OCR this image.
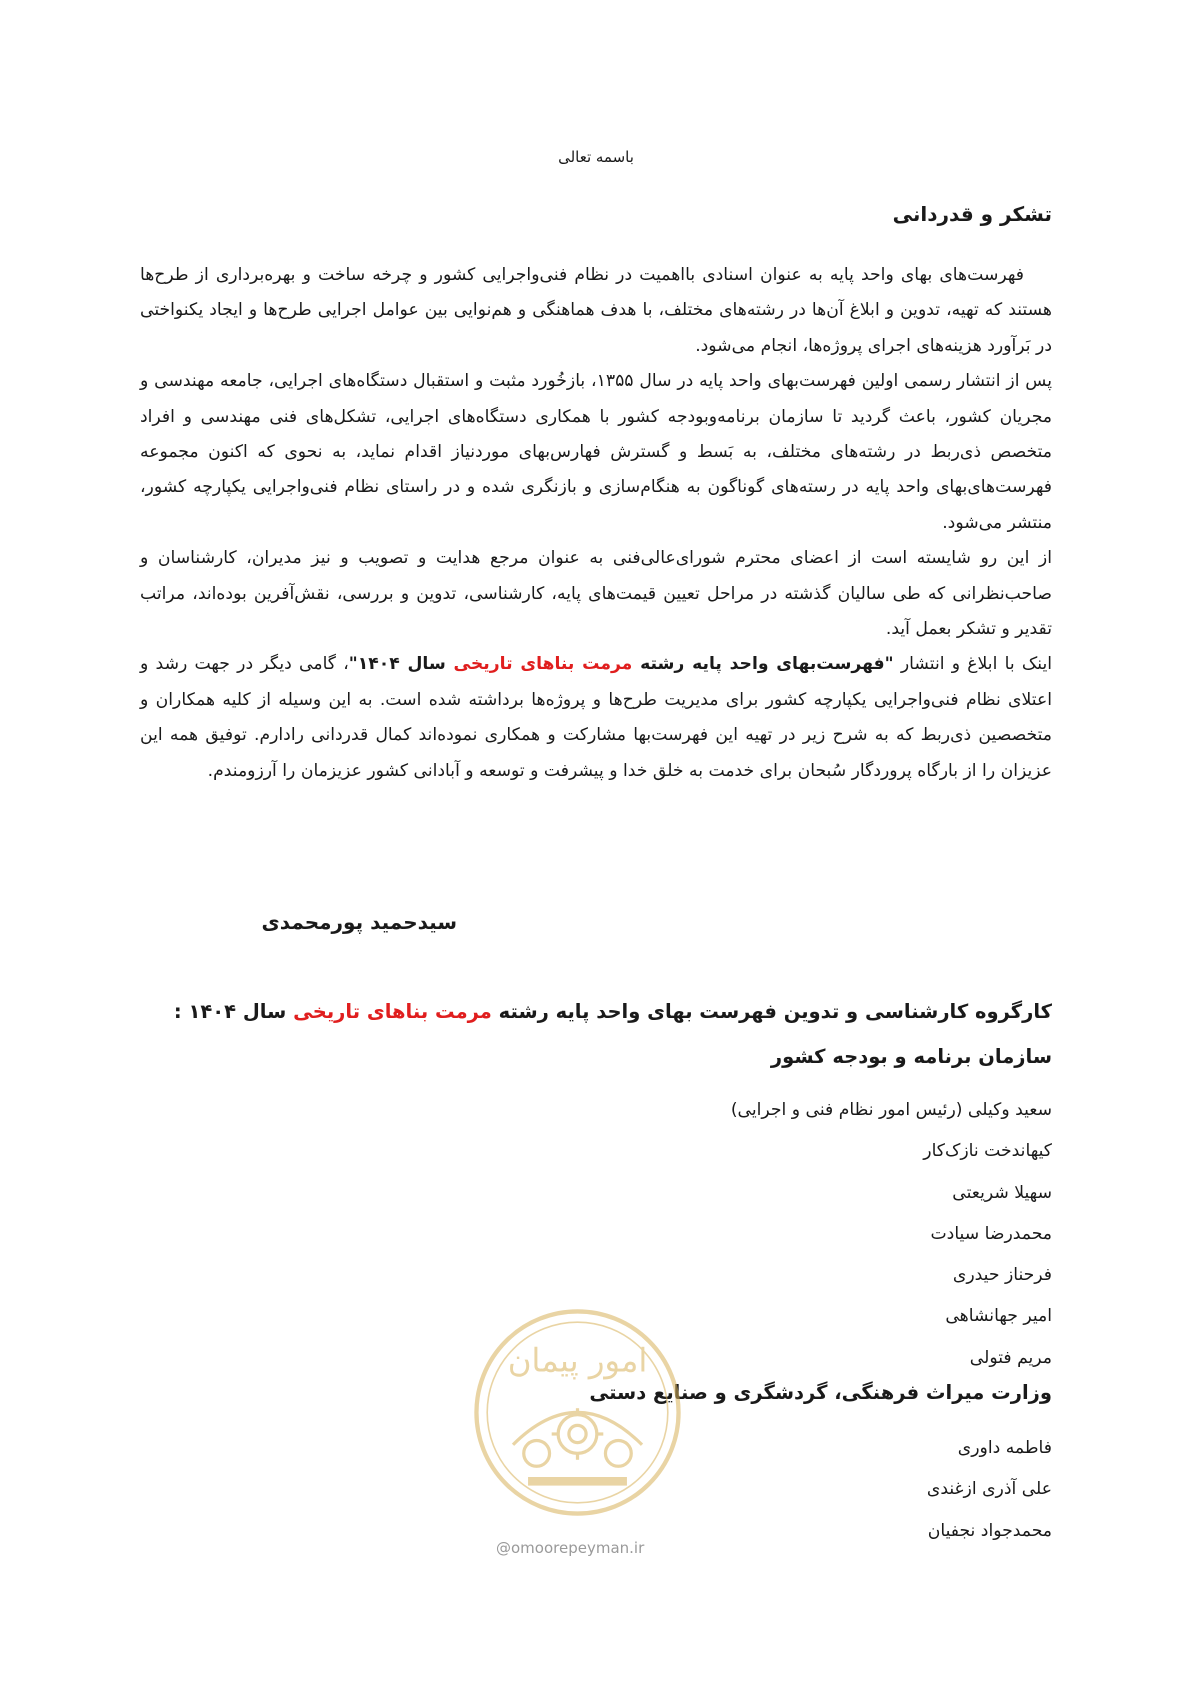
باسمه تعالی
تشکر و قدردانی

فهرست‌های بهای واحد پایه به عنوان اسنادی بااهمیت در نظام فنی‌واجرایی کشور و چرخه ساخت و بهره‌برداری از طرح‌ها هستند که تهیه، تدوین و ابلاغ آن‌ها در رشته‌های مختلف، با هدف هماهنگی و هم‌نوایی بین عوامل اجرایی طرح‌ها و ایجاد یکنواختی در بَرآورد هزینه‌های اجرای پروژه‌ها، انجام می‌شود.

پس از انتشار رسمی اولین فهرست‌بهای واحد پایه در سال ۱۳۵۵، بازخُورد مثبت و استقبال دستگاه‌های اجرایی، جامعه مهندسی و مجریان کشور، باعث گردید تا سازمان برنامه‌وبودجه کشور با همکاری دستگاه‌های اجرایی، تشکل‌های فنی مهندسی و افراد متخصص ذی‌ربط در رشته‌های مختلف، به بَسط و گسترش فهارس‌بهای موردنیاز اقدام نماید، به نحوی که اکنون مجموعه فهرست‌های‌بهای واحد پایه در رسته‌های گوناگون به هنگام‌سازی و بازنگری شده و در راستای نظام فنی‌واجرایی یکپارچه کشور، منتشر می‌شود.

از این رو شایسته است از اعضای محترم شورای‌عالی‌فنی به عنوان مرجع هدایت و تصویب و نیز مدیران، کارشناسان و صاحب‌نظرانی که طی سالیان گذشته در مراحل تعیین قیمت‌های پایه، کارشناسی، تدوین و بررسی، نقش‌آفرین بوده‌اند، مراتب تقدیر و تشکر بعمل آید.

اینک با ابلاغ و انتشار "فهرست‌بهای واحد پایه رشته مرمت بناهای تاریخی سال ۱۴۰۴"، گامی دیگر در جهت رشد و اعتلای نظام فنی‌واجرایی یکپارچه کشور برای مدیریت طرح‌ها و پروژه‌ها برداشته شده است. به این وسیله از کلیه همکاران و متخصصین ذی‌ربط که به شرح زیر در تهیه این فهرست‌بها مشارکت و همکاری نموده‌اند کمال قدردانی رادارم. توفیق همه این عزیزان را از بارگاه پروردگار سُبحان برای خدمت به خلق خدا و پیشرفت و توسعه و آبادانی کشور عزیزمان را آرزومندم.

سیدحمید پورمحمدی
کارگروه کارشناسی و تدوین فهرست بهای واحد پایه رشته مرمت بناهای تاریخی سال ۱۴۰۴ :
سازمان برنامه و بودجه کشور
سعید وکیلی (رئیس امور نظام فنی و اجرایی)
کیهاندخت نازک‌کار
سهیلا شریعتی
محمدرضا سیادت
فرحناز حیدری
امیر جهانشاهی
مریم فتولی
وزارت میراث فرهنگی، گردشگری و صنایع دستی
فاطمه داوری
علی آذری ازغندی
محمدجواد نجفیان
امور پیمان
@omoorepeyman.ir
